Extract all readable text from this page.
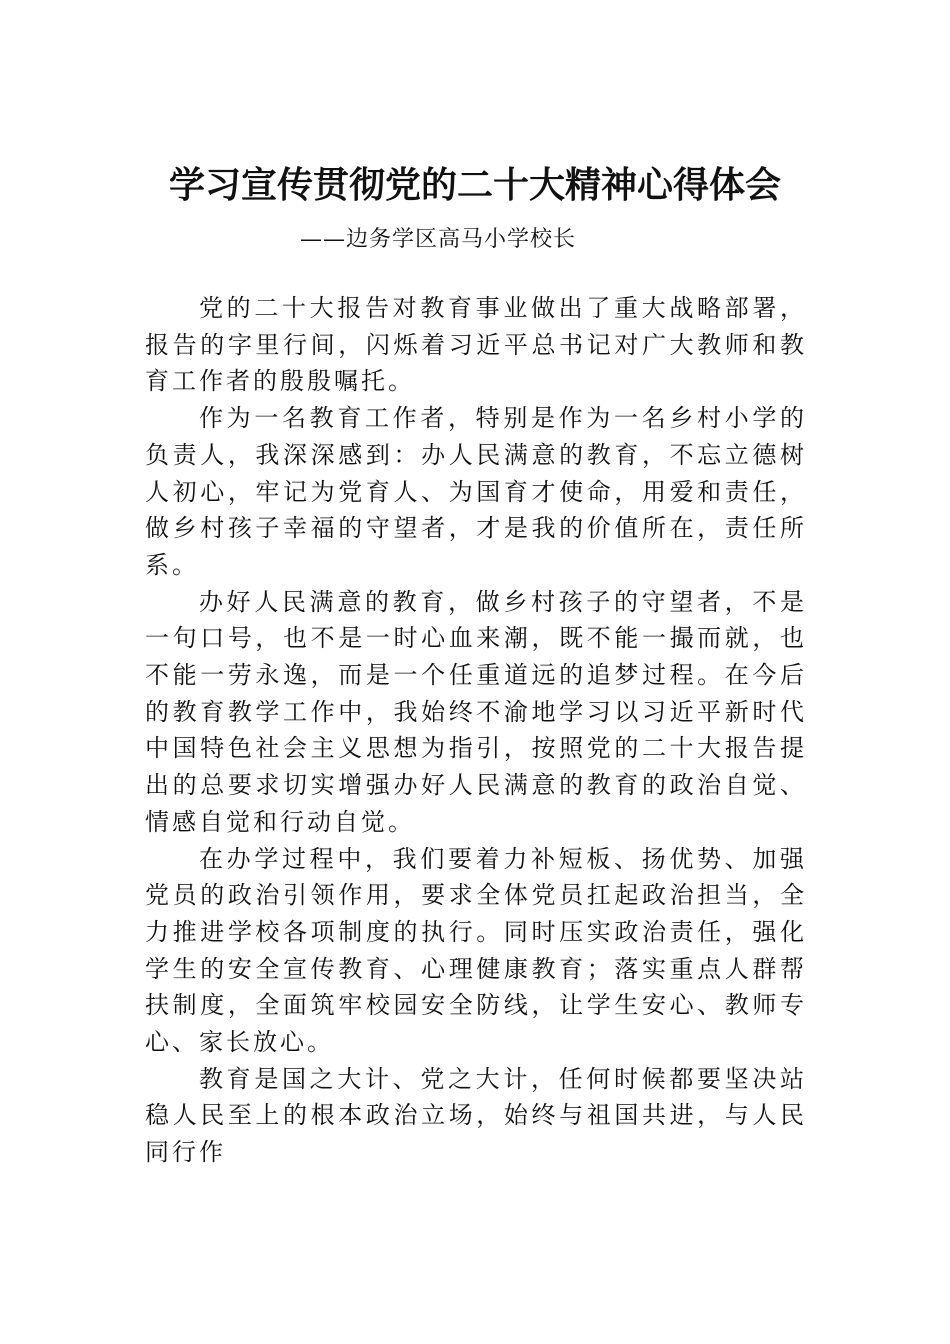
学习宣传贯彻党的二十大精神心得体会
——边务学区高马小学校长

党的二十大报告对教育事业做出了重大战略部署，报告的字里行间，闪烁着习近平总书记对广大教师和教育工作者的殷殷嘱托。

作为一名教育工作者，特别是作为一名乡村小学的负责人，我深深感到：办人民满意的教育，不忘立德树人初心，牢记为党育人、为国育才使命，用爱和责任，做乡村孩子幸福的守望者，才是我的价值所在，责任所系。

办好人民满意的教育，做乡村孩子的守望者，不是一句口号，也不是一时心血来潮，既不能一撮而就，也不能一劳永逸，而是一个任重道远的追梦过程。在今后的教育教学工作中，我始终不渝地学习以习近平新时代中国特色社会主义思想为指引，按照党的二十大报告提出的总要求切实增强办好人民满意的教育的政治自觉、情感自觉和行动自觉。

在办学过程中，我们要着力补短板、扬优势、加强党员的政治引领作用，要求全体党员扛起政治担当，全力推进学校各项制度的执行。同时压实政治责任，强化学生的安全宣传教育、心理健康教育；落实重点人群帮扶制度，全面筑牢校园安全防线，让学生安心、教师专心、家长放心。

教育是国之大计、党之大计，任何时候都要坚决站稳人民至上的根本政治立场，始终与祖国共进，与人民同行作
